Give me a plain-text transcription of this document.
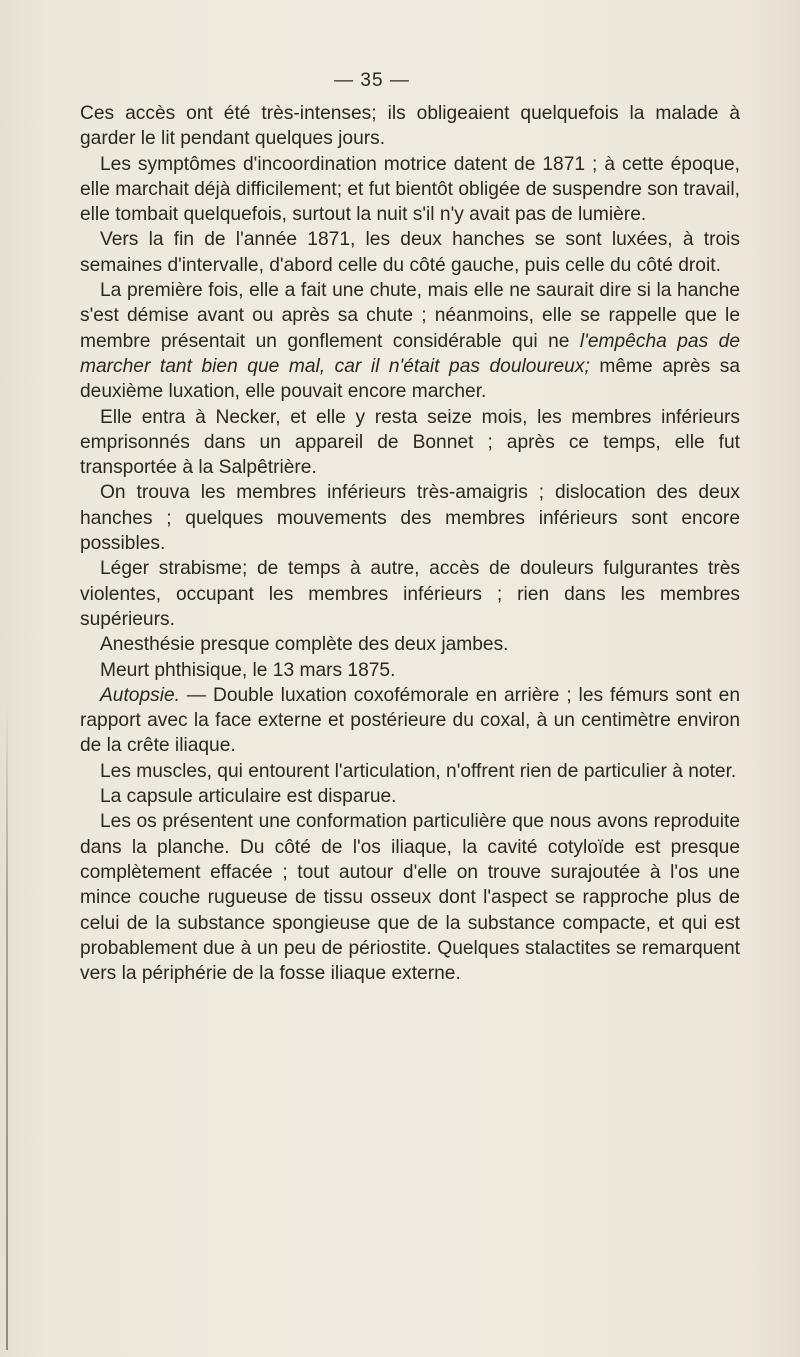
— 35 —

Ces accès ont été très-intenses; ils obligeaient quelquefois la malade à garder le lit pendant quelques jours.

Les symptômes d'incoordination motrice datent de 1871 ; à cette époque, elle marchait déjà difficilement; et fut bientôt obligée de suspendre son travail, elle tombait quelquefois, surtout la nuit s'il n'y avait pas de lumière.

Vers la fin de l'année 1871, les deux hanches se sont luxées, à trois semaines d'intervalle, d'abord celle du côté gauche, puis celle du côté droit.

La première fois, elle a fait une chute, mais elle ne saurait dire si la hanche s'est démise avant ou après sa chute ; néanmoins, elle se rappelle que le membre présentait un gonflement considérable qui ne l'empêcha pas de marcher tant bien que mal, car il n'était pas douloureux; même après sa deuxième luxation, elle pouvait encore marcher.

Elle entra à Necker, et elle y resta seize mois, les membres inférieurs emprisonnés dans un appareil de Bonnet ; après ce temps, elle fut transportée à la Salpêtrière.

On trouva les membres inférieurs très-amaigris ; dislocation des deux hanches ; quelques mouvements des membres inférieurs sont encore possibles.

Léger strabisme; de temps à autre, accès de douleurs fulgurantes très violentes, occupant les membres inférieurs ; rien dans les membres supérieurs.

Anesthésie presque complète des deux jambes.

Meurt phthisique, le 13 mars 1875.

Autopsie. — Double luxation coxofémorale en arrière ; les fémurs sont en rapport avec la face externe et postérieure du coxal, à un centimètre environ de la crête iliaque.

Les muscles, qui entourent l'articulation, n'offrent rien de particulier à noter.

La capsule articulaire est disparue.

Les os présentent une conformation particulière que nous avons reproduite dans la planche. Du côté de l'os iliaque, la cavité cotyloïde est presque complètement effacée ; tout autour d'elle on trouve surajoutée à l'os une mince couche rugueuse de tissu osseux dont l'aspect se rapproche plus de celui de la substance spongieuse que de la substance compacte, et qui est probablement due à un peu de périostite. Quelques stalactites se remarquent vers la périphérie de la fosse iliaque externe.
